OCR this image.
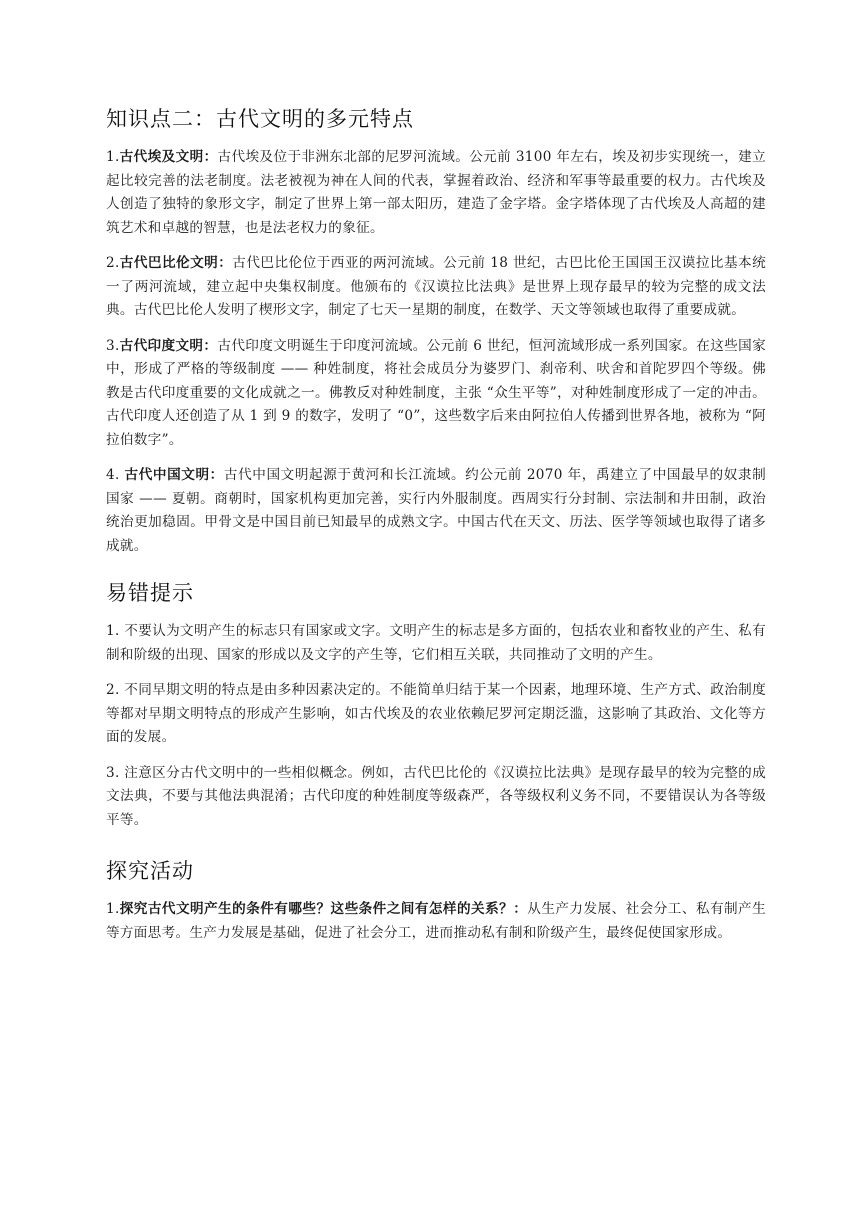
知识点二：古代文明的多元特点

1.古代埃及文明：古代埃及位于非洲东北部的尼罗河流域。公元前 3100 年左右，埃及初步实现统一，建立起比较完善的法老制度。法老被视为神在人间的代表，掌握着政治、经济和军事等最重要的权力。古代埃及人创造了独特的象形文字，制定了世界上第一部太阳历，建造了金字塔。金字塔体现了古代埃及人高超的建筑艺术和卓越的智慧，也是法老权力的象征。

2.古代巴比伦文明：古代巴比伦位于西亚的两河流域。公元前 18 世纪，古巴比伦王国国王汉谟拉比基本统一了两河流域，建立起中央集权制度。他颁布的《汉谟拉比法典》是世界上现存最早的较为完整的成文法典。古代巴比伦人发明了楔形文字，制定了七天一星期的制度，在数学、天文等领域也取得了重要成就。

3.古代印度文明：古代印度文明诞生于印度河流域。公元前 6 世纪，恒河流域形成一系列国家。在这些国家中，形成了严格的等级制度 —— 种姓制度，将社会成员分为婆罗门、刹帝利、吠舍和首陀罗四个等级。佛教是古代印度重要的文化成就之一。佛教反对种姓制度，主张 “众生平等”，对种姓制度形成了一定的冲击。古代印度人还创造了从 1 到 9 的数字，发明了 “0”，这些数字后来由阿拉伯人传播到世界各地，被称为 “阿拉伯数字”。

4. 古代中国文明：古代中国文明起源于黄河和长江流域。约公元前 2070 年，禹建立了中国最早的奴隶制国家 —— 夏朝。商朝时，国家机构更加完善，实行内外服制度。西周实行分封制、宗法制和井田制，政治统治更加稳固。甲骨文是中国目前已知最早的成熟文字。中国古代在天文、历法、医学等领域也取得了诸多成就。

易错提示

1. 不要认为文明产生的标志只有国家或文字。文明产生的标志是多方面的，包括农业和畜牧业的产生、私有制和阶级的出现、国家的形成以及文字的产生等，它们相互关联，共同推动了文明的产生。

2. 不同早期文明的特点是由多种因素决定的。不能简单归结于某一个因素，地理环境、生产方式、政治制度等都对早期文明特点的形成产生影响，如古代埃及的农业依赖尼罗河定期泛滥，这影响了其政治、文化等方面的发展。

3. 注意区分古代文明中的一些相似概念。例如，古代巴比伦的《汉谟拉比法典》是现存最早的较为完整的成文法典，不要与其他法典混淆；古代印度的种姓制度等级森严，各等级权利义务不同，不要错误认为各等级平等。

探究活动

1.探究古代文明产生的条件有哪些？这些条件之间有怎样的关系？：从生产力发展、社会分工、私有制产生等方面思考。生产力发展是基础，促进了社会分工，进而推动私有制和阶级产生，最终促使国家形成。
